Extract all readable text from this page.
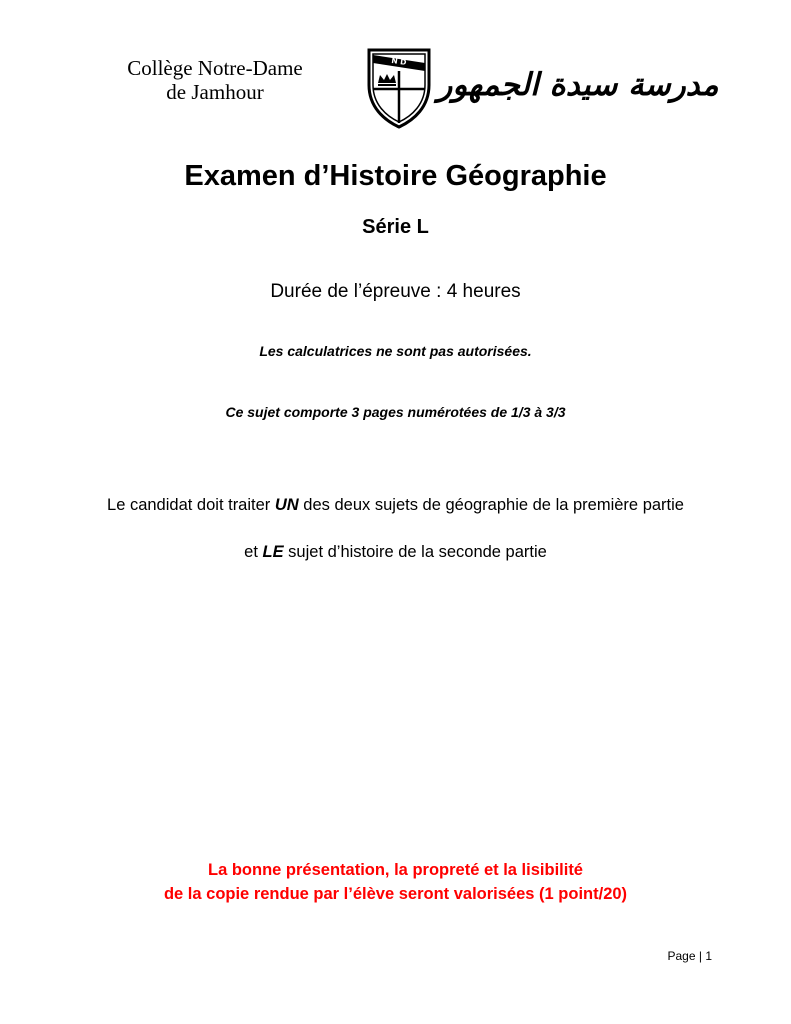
Collège Notre-Dame
de Jamhour
N D
مدرسة سيدة الجمهور
Examen d’Histoire Géographie
Série L
Durée de l’épreuve : 4 heures
Les calculatrices ne sont pas autorisées.
Ce sujet comporte 3 pages numérotées de 1/3 à 3/3
Le candidat doit traiter UN des deux sujets de géographie de la première partie
et LE sujet d’histoire de la seconde partie
La bonne présentation, la propreté et la lisibilité
de la copie rendue par l’élève seront valorisées (1 point/20)
Page | 1
